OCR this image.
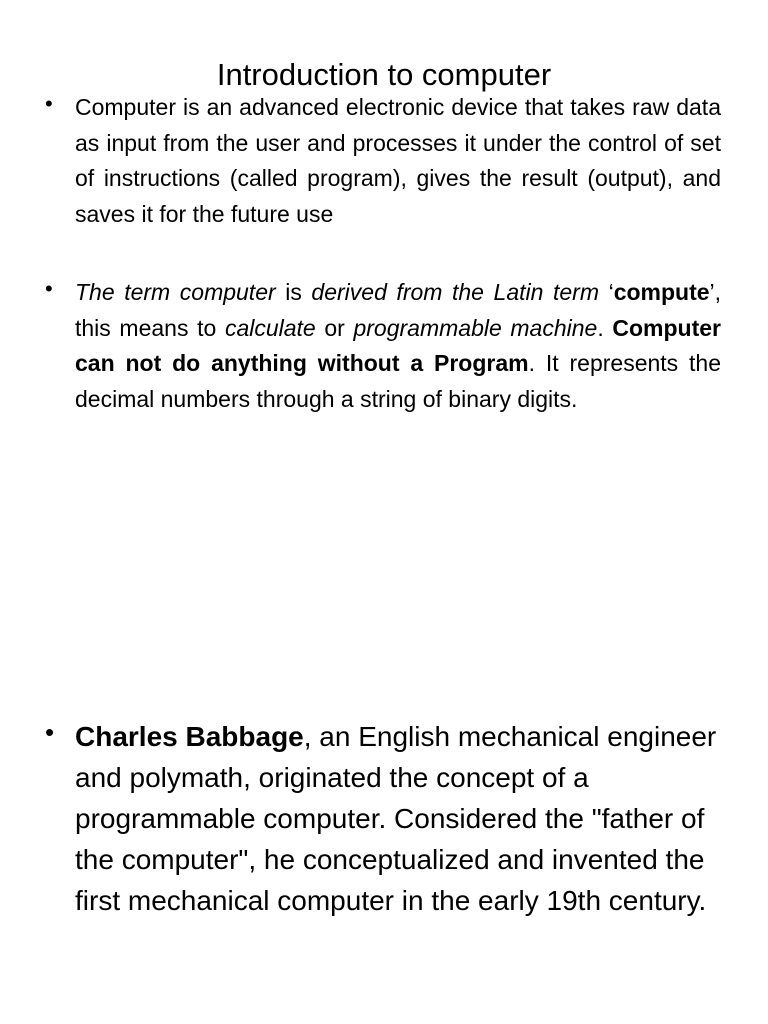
Introduction to computer
• Computer is an advanced electronic device that takes raw data as input from the user and processes it under the control of set of instructions (called program), gives the result (output), and saves it for the future use

• The term computer is derived from the Latin term ‘compute’, this means to calculate or programmable machine. Computer can not do anything without a Program. It represents the decimal numbers through a string of binary digits.

• Charles Babbage, an English mechanical engineer and polymath, originated the concept of a programmable computer. Considered the "father of the computer", he conceptualized and invented the first mechanical computer in the early 19th century.
